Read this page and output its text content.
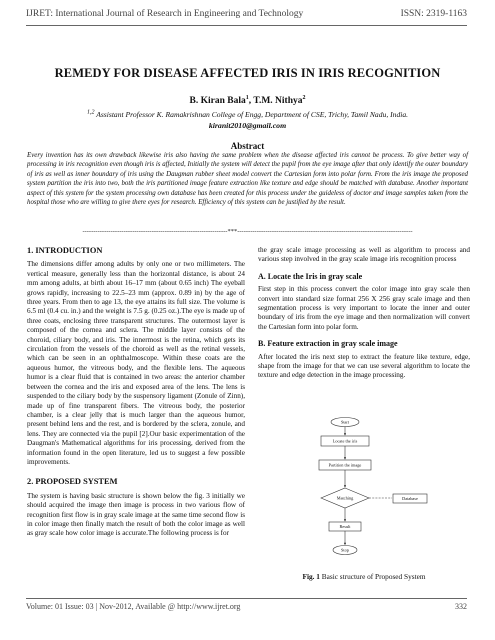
IJRET: International Journal of Research in Engineering and Technology	ISSN: 2319-1163
REMEDY FOR DISEASE AFFECTED IRIS IN IRIS RECOGNITION
B. Kiran Bala$^1$, T.M. Nithya$^2$
$^{1,2}$ Assistant Professor K. Ramakrishnan College of Engg, Department of CSE, Trichy, Tamil Nadu, India.
kiranit2010@gmail.com
Abstract
Every invention has its own drawback likewise iris also having the same problem when the disease affected iris cannot be process. To give better way of processing in iris recognition even though iris is affected, Initially the system will detect the pupil from the eye image after that only identify the outer boundary of iris as well as inner boundary of iris using the Daugman rubber sheet model convert the Cartesian form into polar form. From the iris image the proposed system partition the iris into two, both the iris partitioned image feature extraction like texture and edge should be matched with database. Another important aspect of this system for the system processing own database has been created for this process under the guideless of doctor and image samples taken from the hospital those who are willing to give there eyes for research. Efficiency of this system can be justified by the result.
-------------------------------------------------------------------***---------------------------------------------------------------------------------
1. INTRODUCTION

The dimensions differ among adults by only one or two millimeters. The vertical measure, generally less than the horizontal distance, is about 24 mm among adults, at birth about 16–17 mm (about 0.65 inch) The eyeball grows rapidly, increasing to 22.5–23 mm (approx. 0.89 in) by the age of three years. From then to age 13, the eye attains its full size. The volume is 6.5 ml (0.4 cu. in.) and the weight is 7.5 g. (0.25 oz.).The eye is made up of three coats, enclosing three transparent structures. The outermost layer is composed of the cornea and sclera. The middle layer consists of the choroid, ciliary body, and iris. The innermost is the retina, which gets its circulation from the vessels of the choroid as well as the retinal vessels, which can be seen in an ophthalmoscope. Within these coats are the aqueous humor, the vitreous body, and the flexible lens. The aqueous humor is a clear fluid that is contained in two areas: the anterior chamber between the cornea and the iris and exposed area of the lens. The lens is suspended to the ciliary body by the suspensory ligament (Zonule of Zinn), made up of fine transparent fibers. The vitreous body, the posterior chamber, is a clear jelly that is much larger than the aqueous humor, present behind lens and the rest, and is bordered by the sclera, zonule, and lens. They are connected via the pupil [2].Our basic experimentation of the Daugman's Mathematical algorithms for iris processing, derived from the information found in the open literature, led us to suggest a few possible improvements.

2. PROPOSED SYSTEM

The system is having basic structure is shown below the fig. 3 initially we should acquired the image then image is process in two various flow of recognition first flow is in gray scale image at the same time second flow is in color image then finally match the result of both the color image as well as gray scale how color image is accurate.The following process is for

the gray scale image processing as well as algorithm to process and various step involved in the gray scale image iris recognition process

A. Locate the Iris in gray scale

First step in this process convert the color image into gray scale then convert into standard size format 256 X 256 gray scale image and then segmentation process is very important to locate the inner and outer boundary of iris from the eye image and then normalization will convert the Cartesian form into polar form.

B. Feature extraction in gray scale image

After located the iris next step to extract the feature like texture, edge, shape from the image for that we can use several algorithm to locate the texture and edge detection in the image processing.

Start
Locate the iris
Partition the image
Matching	Database
Result
Stop
Fig. 1 Basic structure of Proposed System
Volume: 01 Issue: 03 | Nov-2012, Available @ http://www.ijret.org	332
